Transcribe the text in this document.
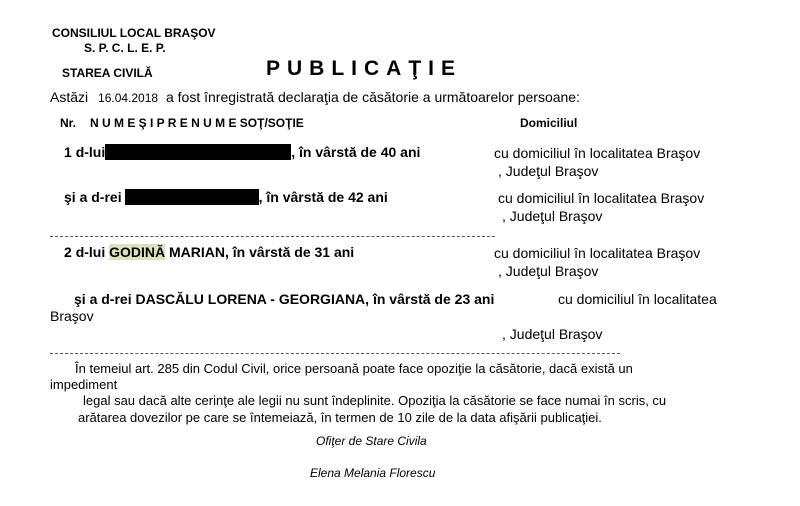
CONSILIUL LOCAL BRAŞOV
S. P. C. L. E. P.
STAREA CIVILĂ	PUBLICAŢIE
Astăzi 16.04.2018 a fost înregistrată declaraţia de căsătorie a următoarelor persoane:
Nr. N U M E Ş I P R E N U M E SOŢ/SOŢIE	Domiciliul
1 d-lui	, în vârstă de 40 ani	cu domiciliul în localitatea Braşov
, Judeţul Braşov
şi a d-rei	, în vârstă de 42 ani	cu domiciliul în localitatea Braşov
, Judeţul Braşov
2 d-lui GODINĂ MARIAN, în vârstă de 31 ani	cu domiciliul în localitatea Braşov
, Judeţul Braşov
şi a d-rei DASCĂLU LORENA - GEORGIANA, în vârstă de 23 ani	cu domiciliul în localitatea
Braşov
, Judeţul Braşov
În temeiul art. 285 din Codul Civil, orice persoană poate face opoziţie la căsătorie, dacă există un
impediment
legal sau dacă alte cerinţe ale legii nu sunt îndeplinite. Opoziţia la căsătorie se face numai în scris, cu
arătarea dovezilor pe care se întemeiază, în termen de 10 zile de la data afişării publicaţiei.
Ofiţer de Stare Civila
Elena Melania Florescu
